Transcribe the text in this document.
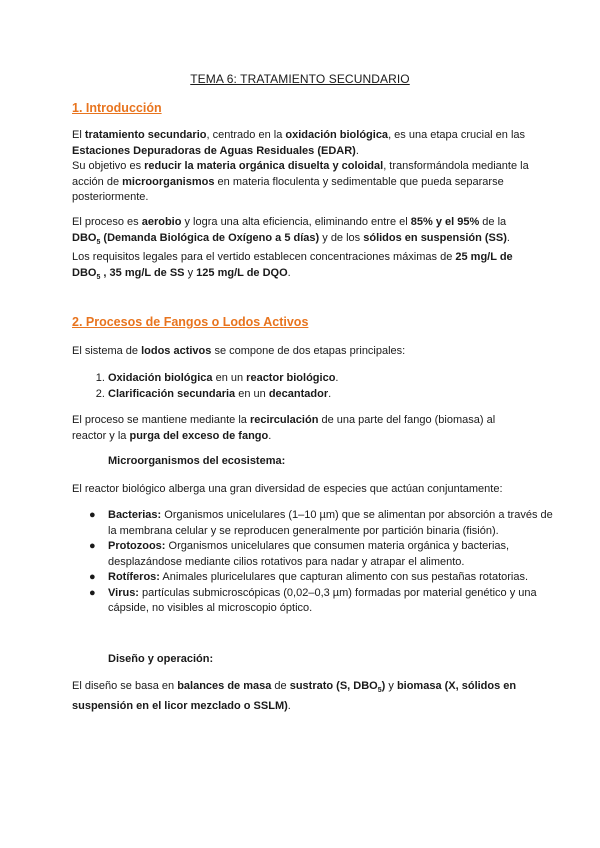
TEMA 6: TRATAMIENTO SECUNDARIO
1. Introducción
El tratamiento secundario, centrado en la oxidación biológica, es una etapa crucial en las Estaciones Depuradoras de Aguas Residuales (EDAR).
Su objetivo es reducir la materia orgánica disuelta y coloidal, transformándola mediante la acción de microorganismos en materia floculenta y sedimentable que pueda separarse posteriormente.
El proceso es aerobio y logra una alta eficiencia, eliminando entre el 85% y el 95% de la $DBO_5$ (Demanda Biológica de Oxígeno a 5 días) y de los sólidos en suspensión (SS).
Los requisitos legales para el vertido establecen concentraciones máximas de 25 mg/L de $DBO_5$ , 35 mg/L de SS y 125 mg/L de DQO.
2. Procesos de Fangos o Lodos Activos
El sistema de lodos activos se compone de dos etapas principales:
1. Oxidación biológica en un reactor biológico.
2. Clarificación secundaria en un decantador.
El proceso se mantiene mediante la recirculación de una parte del fango (biomasa) al reactor y la purga del exceso de fango.
Microorganismos del ecosistema:
El reactor biológico alberga una gran diversidad de especies que actúan conjuntamente:
● Bacterias: Organismos unicelulares (1–10 µm) que se alimentan por absorción a través de la membrana celular y se reproducen generalmente por partición binaria (fisión).
● Protozoos: Organismos unicelulares que consumen materia orgánica y bacterias, desplazándose mediante cilios rotativos para nadar y atrapar el alimento.
● Rotíferos: Animales pluricelulares que capturan alimento con sus pestañas rotatorias.
● Virus: partículas submicroscópicas (0,02–0,3 µm) formadas por material genético y una cápside, no visibles al microscopio óptico.
Diseño y operación:
El diseño se basa en balances de masa de sustrato (S, $DBO_5$) y biomasa (X, sólidos en suspensión en el licor mezclado o SSLM).
